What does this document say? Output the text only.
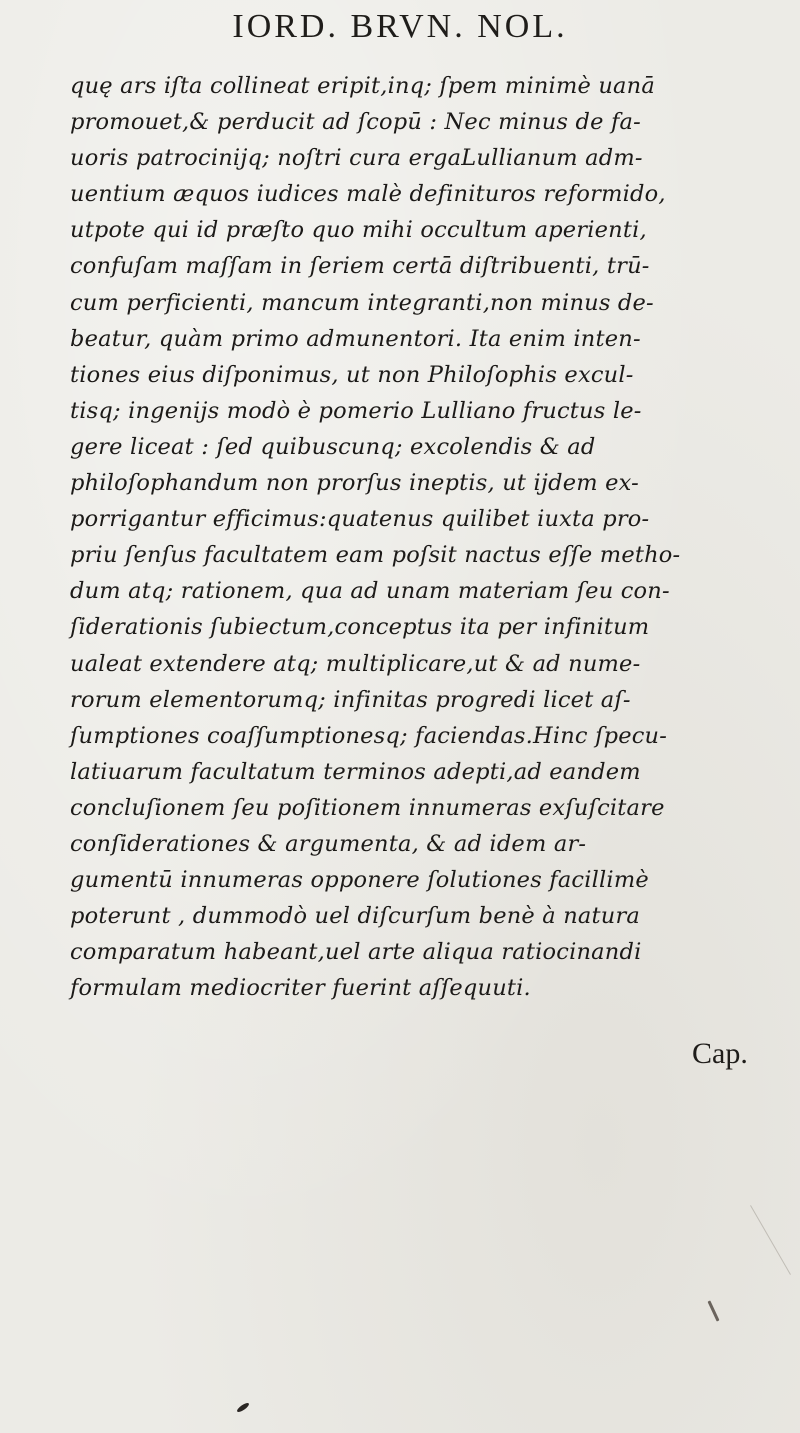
IORD. BRVN. NOL.
quę ars iſta collineat eripit,inq; ſpem minimè uanā
promouet,& perducit ad ſcopū : Nec minus de fa-
uoris patrocinijq; noſtri cura ergaLullianum adm-
uentium æquos iudices malè definituros reformido,
utpote qui id præſto quo mihi occultum aperienti,
confuſam maſſam in ſeriem certā diſtribuenti, trū-
cum perficienti, mancum integranti,non minus de-
beatur, quàm primo admunentori. Ita enim inten-
tiones eius diſponimus, ut non Philoſophis excul-
tisq; ingenijs modò è pomerio Lulliano fructus le-
gere liceat : ſed quibuscunq; excolendis & ad
philoſophandum non prorſus ineptis, ut ijdem ex-
porrigantur efficimus:quatenus quilibet iuxta pro-
priu ſenſus facultatem eam poſsit nactus eſſe metho-
dum atq; rationem, qua ad unam materiam ſeu con-
ſiderationis ſubiectum,conceptus ita per infinitum
ualeat extendere atq; multiplicare,ut & ad nume-
rorum elementorumq; infinitas progredi licet aſ-
ſumptiones coaſſumptionesq; faciendas.Hinc ſpecu-
latiuarum facultatum terminos adepti,ad eandem
concluſionem ſeu poſitionem innumeras exſuſcitare
conſiderationes & argumenta, & ad idem ar-
gumentū innumeras opponere ſolutiones facillimè
poterunt , dummodò uel diſcurſum benè à natura
comparatum habeant,uel arte aliqua ratiocinandi
formulam mediocriter fuerint aſſequuti.
Cap.
